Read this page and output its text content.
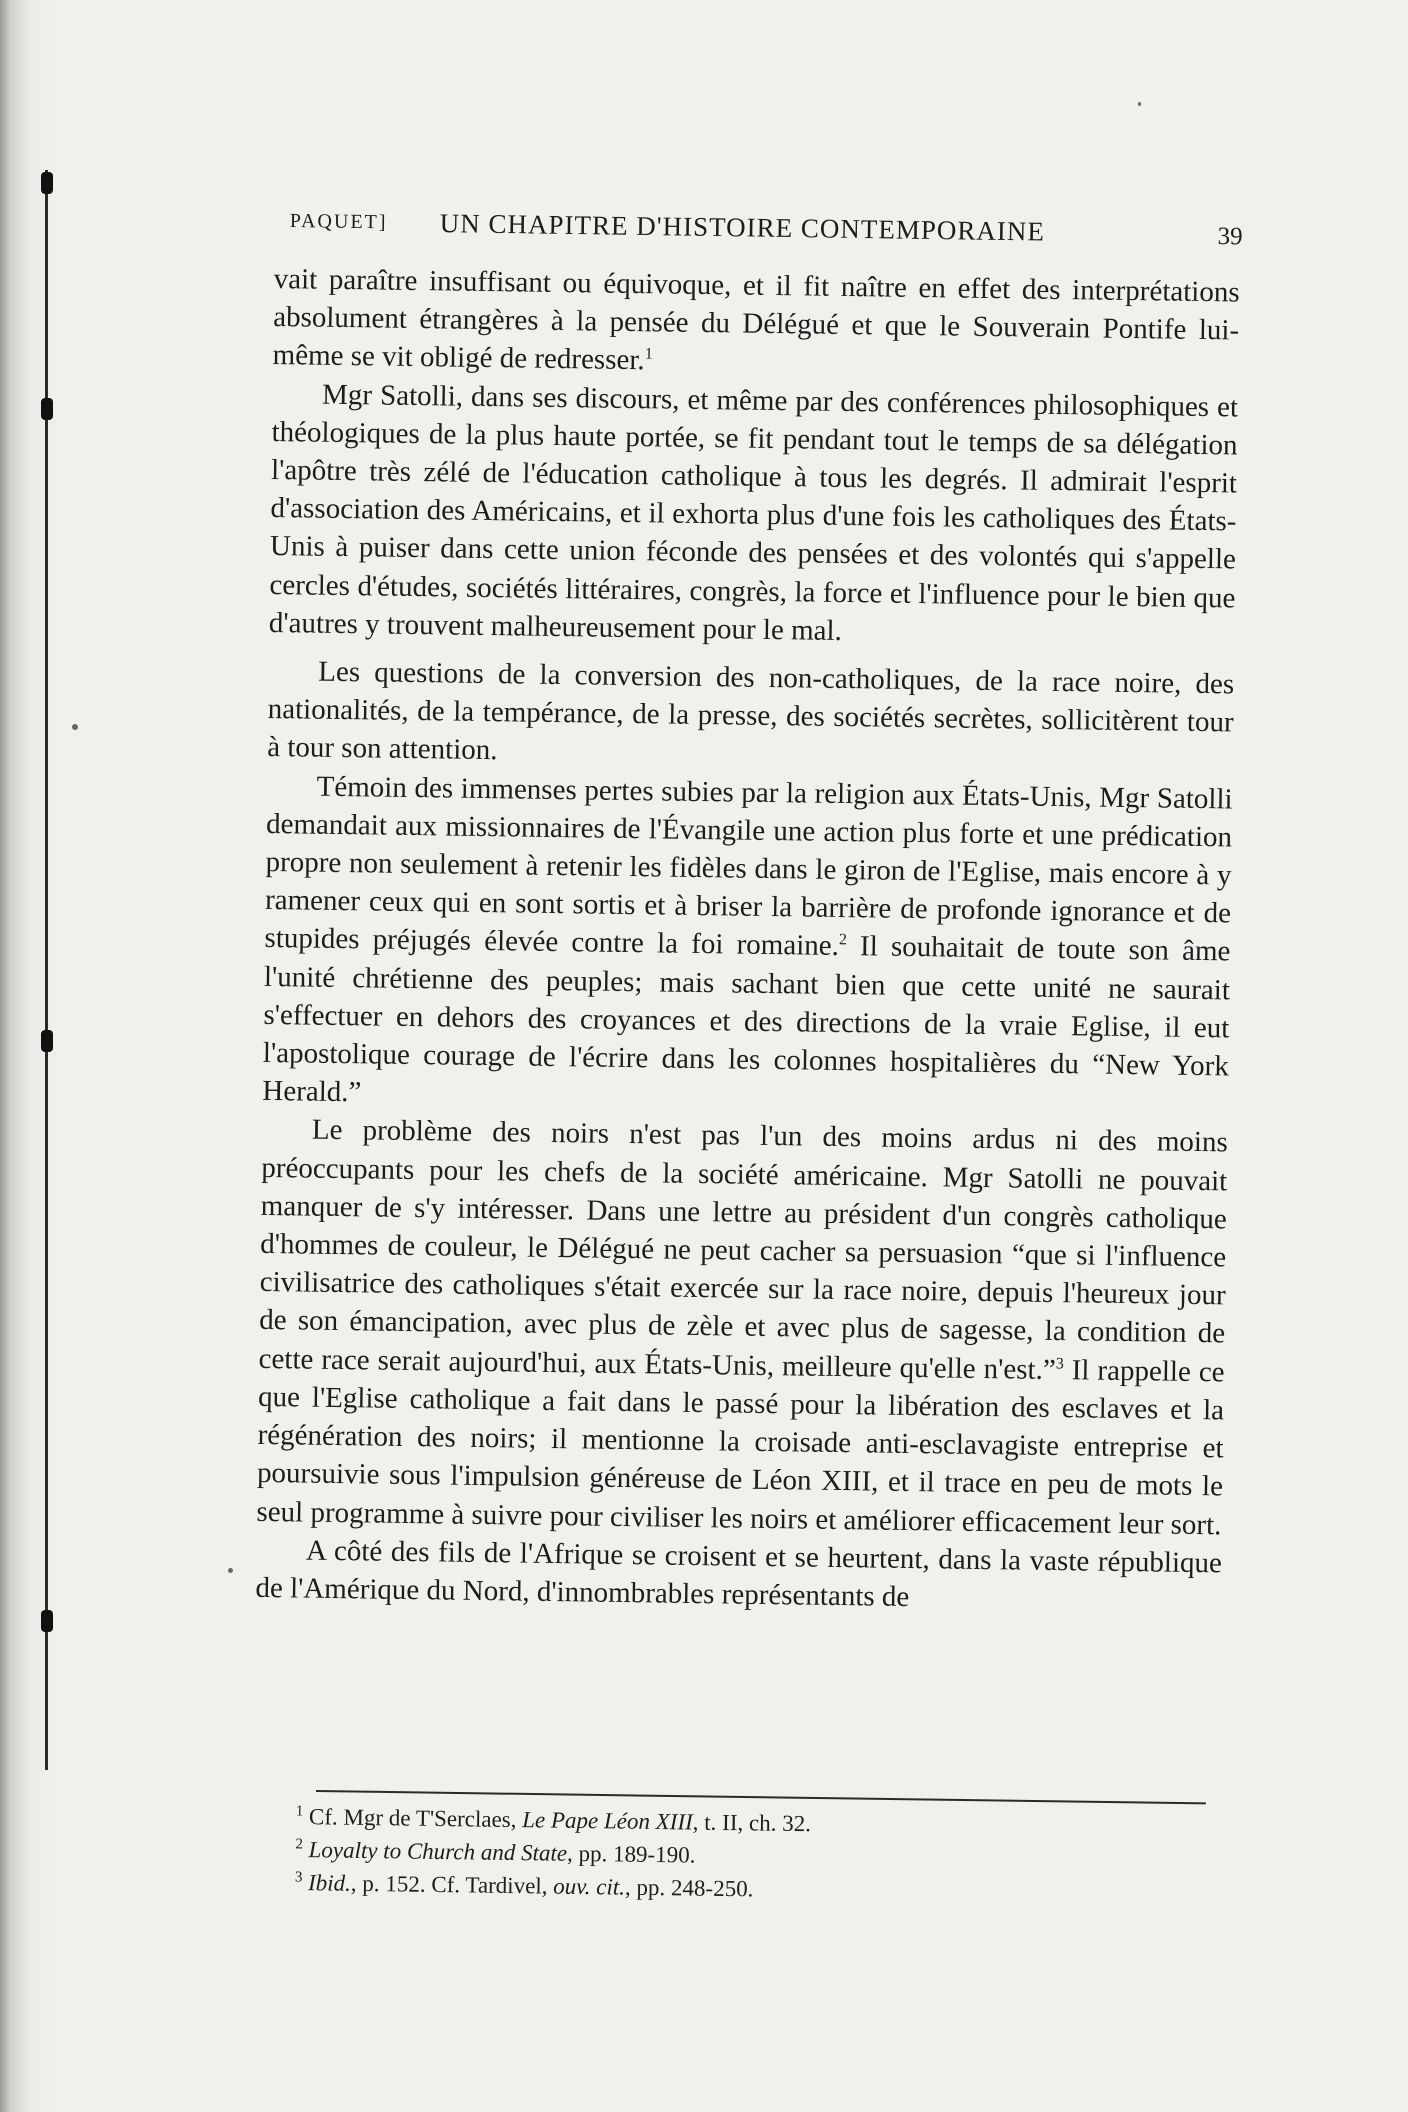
PAQUET] UN CHAPITRE D'HISTOIRE CONTEMPORAINE	39

vait paraître insuffisant ou équivoque, et il fit naître en effet des interprétations absolument étrangères à la pensée du Délégué et que le Souverain Pontife lui-même se vit obligé de redresser.$^1$

Mgr Satolli, dans ses discours, et même par des conférences philosophiques et théologiques de la plus haute portée, se fit pendant tout le temps de sa délégation l'apôtre très zélé de l'éducation catholique à tous les degrés. Il admirait l'esprit d'association des Américains, et il exhorta plus d'une fois les catholiques des États-Unis à puiser dans cette union féconde des pensées et des volontés qui s'appelle cercles d'études, sociétés littéraires, congrès, la force et l'influence pour le bien que d'autres y trouvent malheureusement pour le mal.

Les questions de la conversion des non-catholiques, de la race noire, des nationalités, de la tempérance, de la presse, des sociétés secrètes, sollicitèrent tour à tour son attention.

Témoin des immenses pertes subies par la religion aux États-Unis, Mgr Satolli demandait aux missionnaires de l'Évangile une action plus forte et une prédication propre non seulement à retenir les fidèles dans le giron de l'Eglise, mais encore à y ramener ceux qui en sont sortis et à briser la barrière de profonde ignorance et de stupides préjugés élevée contre la foi romaine.$^2$ Il souhaitait de toute son âme l'unité chrétienne des peuples; mais sachant bien que cette unité ne saurait s'effectuer en dehors des croyances et des directions de la vraie Eglise, il eut l'apostolique courage de l'écrire dans les colonnes hospitalières du “New York Herald.”

Le problème des noirs n'est pas l'un des moins ardus ni des moins préoccupants pour les chefs de la société américaine. Mgr Satolli ne pouvait manquer de s'y intéresser. Dans une lettre au président d'un congrès catholique d'hommes de couleur, le Délégué ne peut cacher sa persuasion “que si l'influence civilisatrice des catholiques s'était exercée sur la race noire, depuis l'heureux jour de son émancipation, avec plus de zèle et avec plus de sagesse, la condition de cette race serait aujourd'hui, aux États-Unis, meilleure qu'elle n'est.”$^3$ Il rappelle ce que l'Eglise catholique a fait dans le passé pour la libération des esclaves et la régénération des noirs; il mentionne la croisade anti-esclavagiste entreprise et poursuivie sous l'impulsion généreuse de Léon XIII, et il trace en peu de mots le seul programme à suivre pour civiliser les noirs et améliorer efficacement leur sort.

A côté des fils de l'Afrique se croisent et se heurtent, dans la vaste république de l'Amérique du Nord, d'innombrables représentants de

$^1$ Cf. Mgr de T'Serclaes, Le Pape Léon XIII, t. II, ch. 32.

$^2$ Loyalty to Church and State, pp. 189-190.

$^3$ Ibid., p. 152. Cf. Tardivel, ouv. cit., pp. 248-250.
